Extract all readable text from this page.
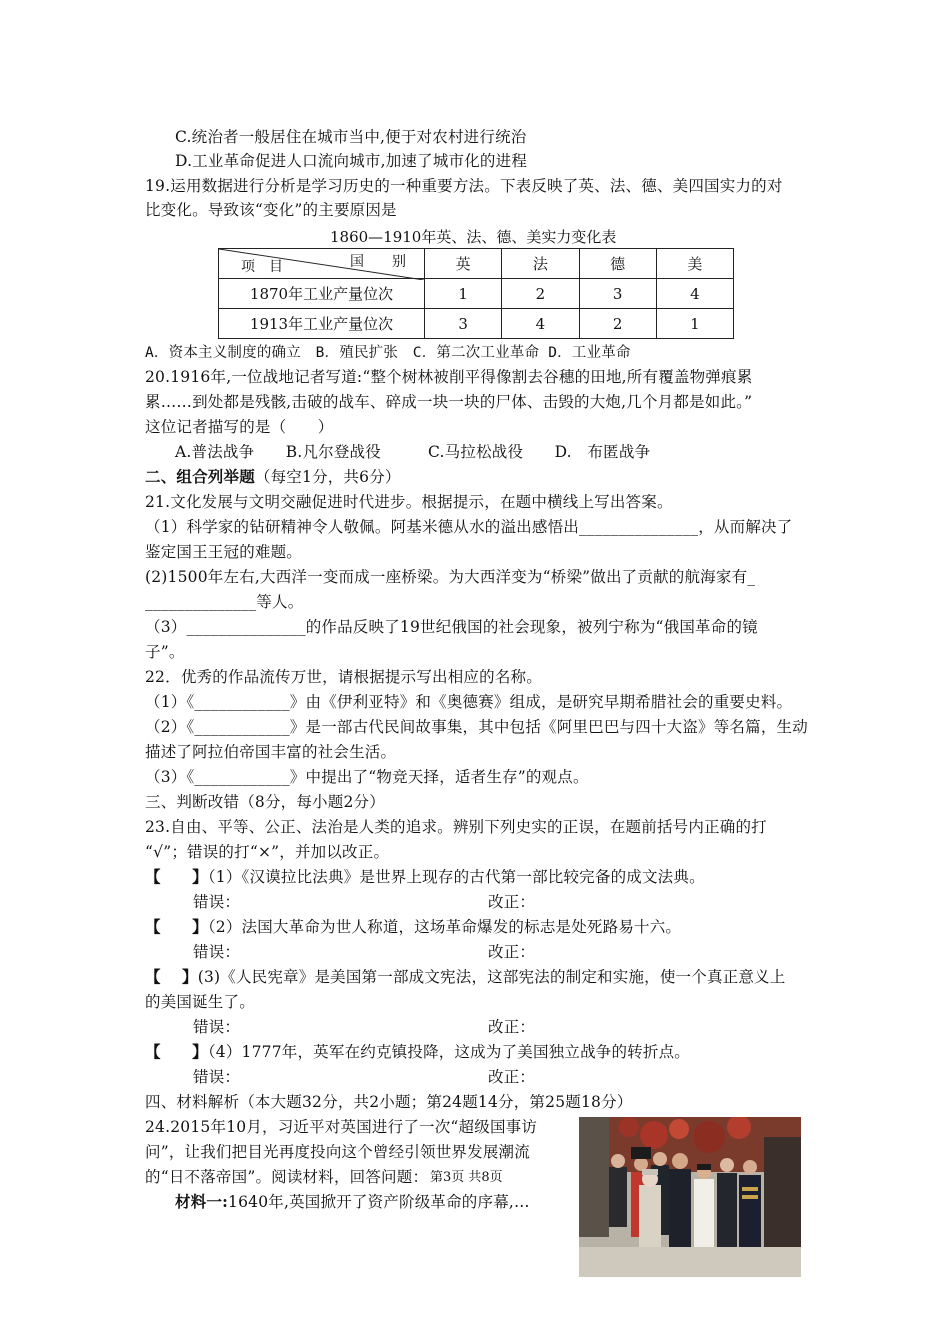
C.统治者一般居住在城市当中,便于对农村进行统治
D.工业革命促进人口流向城市,加速了城市化的进程
19.运用数据进行分析是学习历史的一种重要方法。下表反映了英、法、德、美四国实力的对
比变化。导致该“变化”的主要原因是
1860—1910年英、法、德、美实力变化表
项　目 国　　别	英	法	德	美
1870年工业产量位次	1	2	3	4
1913年工业产量位次	3	4	2	1
A．资本主义制度的确立　B．殖民扩张　C．第二次工业革命 D．工业革命
20.1916年,一位战地记者写道:“整个树林被削平得像割去谷穗的田地,所有覆盖物弹痕累
累……到处都是残骸,击破的战车、碎成一块一块的尸体、击毁的大炮,几个月都是如此。”
这位记者描写的是（　　）
A.普法战争　　B.凡尔登战役　　　C.马拉松战役　　D.　布匿战争
二、组合列举题（每空1分，共6分）
21.文化发展与文明交融促进时代进步。根据提示，在题中横线上写出答案。
（1）科学家的钻研精神令人敬佩。阿基米德从水的溢出感悟出_______________，从而解决了
鉴定国王王冠的难题。
(2)1500年左右,大西洋一变而成一座桥梁。为大西洋变为“桥梁”做出了贡献的航海家有_
______________等人。
（3）_______________的作品反映了19世纪俄国的社会现象，被列宁称为“俄国革命的镜
子”。
22．优秀的作品流传万世，请根据提示写出相应的名称。
（1）《____________》由《伊利亚特》和《奥德赛》组成，是研究早期希腊社会的重要史料。
（2）《____________》是一部古代民间故事集，其中包括《阿里巴巴与四十大盗》等名篇，生动
描述了阿拉伯帝国丰富的社会生活。
（3）《____________》中提出了“物竞天择，适者生存”的观点。
三、判断改错（8分，每小题2分）
23.自由、平等、公正、法治是人类的追求。辨别下列史实的正误，在题前括号内正确的打
“√”；错误的打“×”，并加以改正。
【　　】（1）《汉谟拉比法典》是世界上现存的古代第一部比较完备的成文法典。
错误：	改正：
【　　】（2）法国大革命为世人称道，这场革命爆发的标志是处死路易十六。
错误：	改正：
【　 】(3)《人民宪章》是美国第一部成文宪法，这部宪法的制定和实施，使一个真正意义上
的美国诞生了。
错误：	改正：
【　　】（4）1777年，英军在约克镇投降，这成为了美国独立战争的转折点。
错误：	改正：
四、材料解析（本大题32分，共2小题；第24题14分，第25题18分）
24.2015年10月，习近平对英国进行了一次“超级国事访
问”，让我们把目光再度投向这个曾经引领世界发展潮流
的“日不落帝国”。阅读材料，回答问题：
材料一:1640年,英国掀开了资产阶级革命的序幕,…
第3页 共8页
